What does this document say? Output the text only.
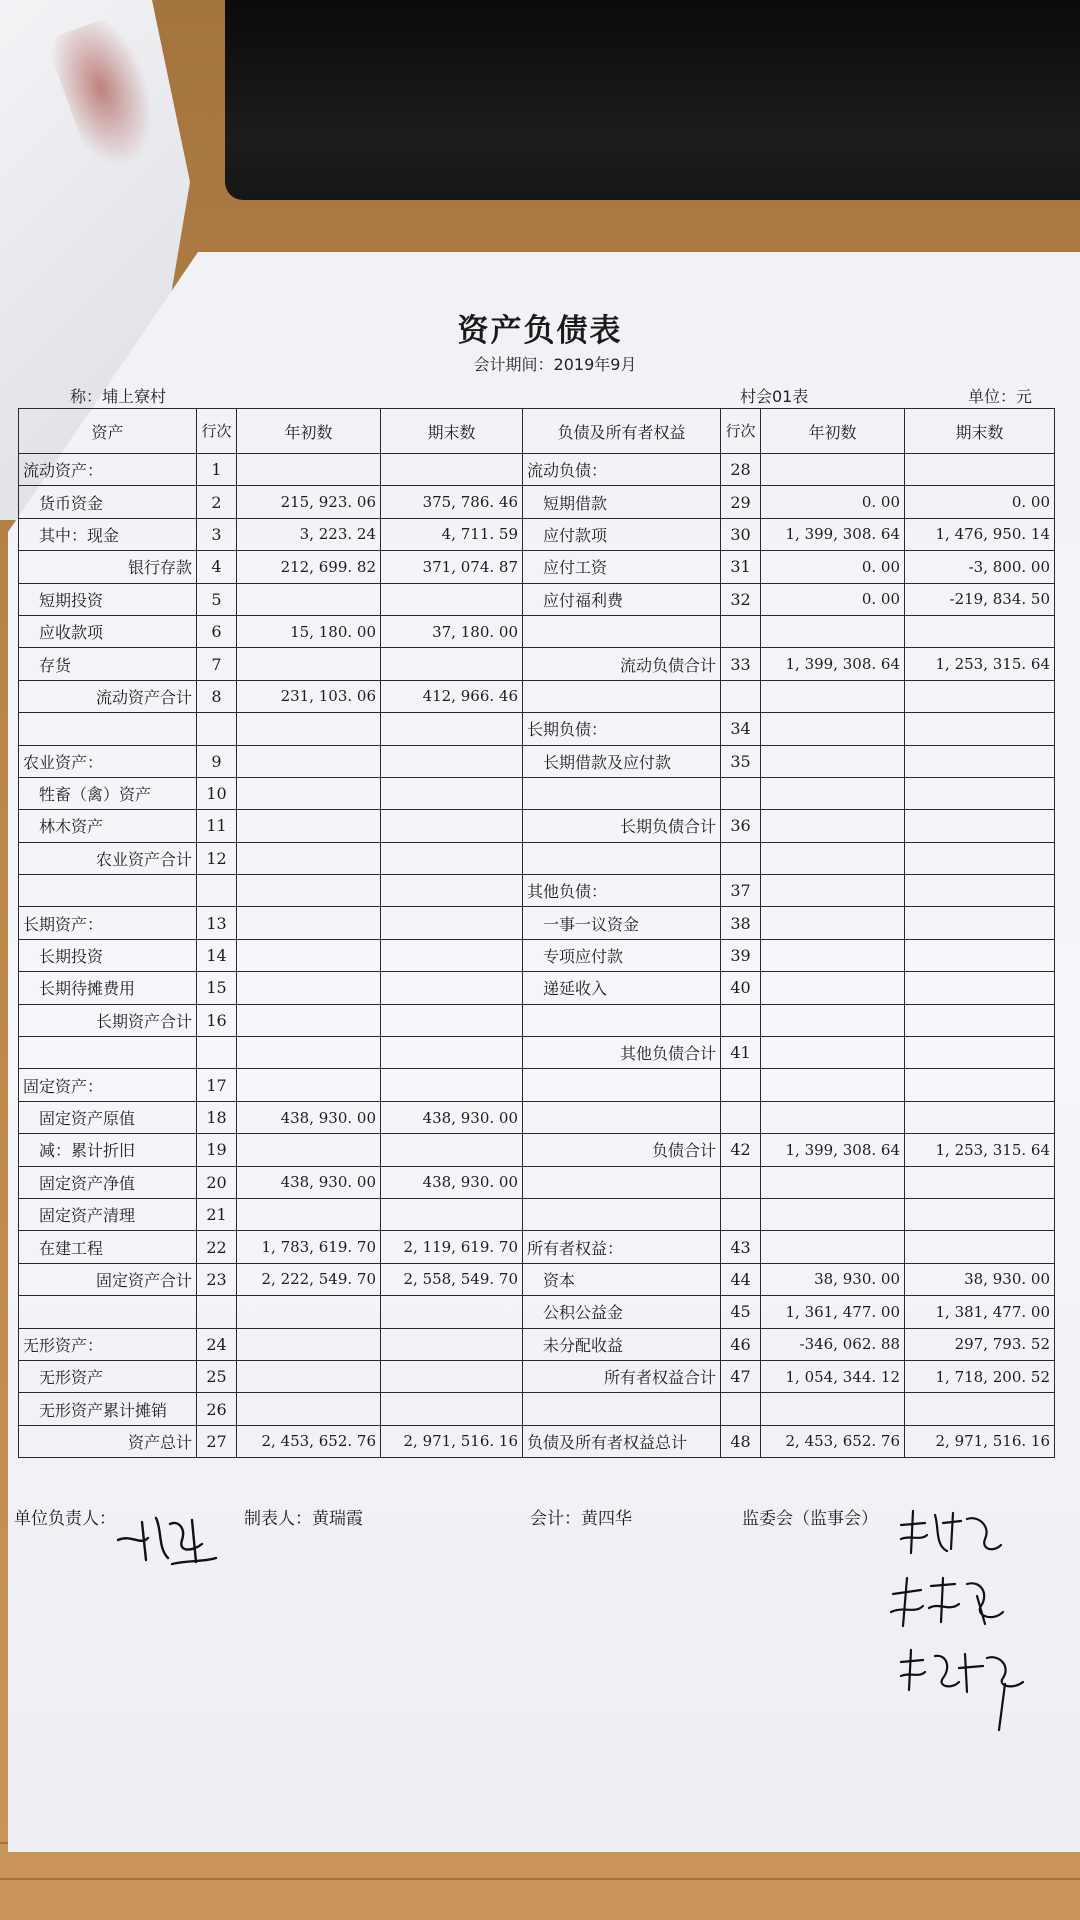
资产负债表
会计期间：2019年9月
称：埔上寮村	村会01表	单位：元
资产	行次	年初数	期末数	负债及所有者权益	行次	年初数	期末数
流动资产：	1			流动负债：	28		
货币资金	2	215, 923. 06	375, 786. 46	短期借款	29	0. 00	0. 00
其中：现金	3	3, 223. 24	4, 711. 59	应付款项	30	1, 399, 308. 64	1, 476, 950. 14
银行存款	4	212, 699. 82	371, 074. 87	应付工资	31	0. 00	-3, 800. 00
短期投资	5			应付福利费	32	0. 00	-219, 834. 50
应收款项	6	15, 180. 00	37, 180. 00				
存货	7			流动负债合计	33	1, 399, 308. 64	1, 253, 315. 64
流动资产合计	8	231, 103. 06	412, 966. 46				
				长期负债：	34		
农业资产：	9			长期借款及应付款	35		
牲畜（禽）资产	10						
林木资产	11			长期负债合计	36		
农业资产合计	12						
				其他负债：	37		
长期资产：	13			一事一议资金	38		
长期投资	14			专项应付款	39		
长期待摊费用	15			递延收入	40		
长期资产合计	16						
				其他负债合计	41		
固定资产：	17						
固定资产原值	18	438, 930. 00	438, 930. 00				
减：累计折旧	19			负债合计	42	1, 399, 308. 64	1, 253, 315. 64
固定资产净值	20	438, 930. 00	438, 930. 00				
固定资产清理	21						
在建工程	22	1, 783, 619. 70	2, 119, 619. 70	所有者权益：	43		
固定资产合计	23	2, 222, 549. 70	2, 558, 549. 70	资本	44	38, 930. 00	38, 930. 00
				公积公益金	45	1, 361, 477. 00	1, 381, 477. 00
无形资产：	24			未分配收益	46	-346, 062. 88	297, 793. 52
无形资产	25			所有者权益合计	47	1, 054, 344. 12	1, 718, 200. 52
无形资产累计摊销	26						
资产总计	27	2, 453, 652. 76	2, 971, 516. 16	负债及所有者权益总计	48	2, 453, 652. 76	2, 971, 516. 16
单位负责人：	制表人：黄瑞霞	会计：黄四华	监委会（监事会）
